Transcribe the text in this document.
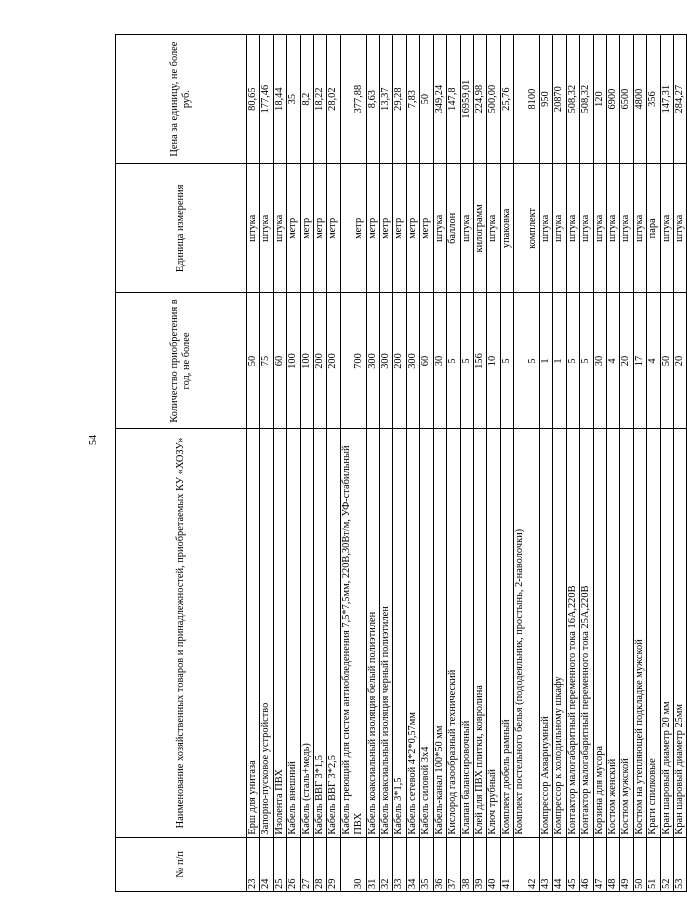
54
№ п/п	Наименование хозяйственных товаров и принадлежностей, приобретаемых КУ «ХОЗУ»	Количество приобретения в год, не более	Единица измерения	Цена за единицу, не более руб.
23	Ерш для унитаза	50	штука	80,65
24	Запорно-пусковое устройство	75	штука	177,46
25	Изолента ПВХ	60	штука	18,44
26	Кабель внешний	100	метр	35
27	Кабель (сталь+медь)	100	метр	8,2
28	Кабель ВВГ 3*1,5	200	метр	18,22
29	Кабель ВВГ 3*2,5	200	метр	28,02
30	Кабель греющий для систем антиобледенения 7,5*7,5мм, 220В,30Вт/м, УФ-стабильный ПВХ	700	метр	377,88
31	Кабель коаксиальный изоляция белый полиэтилен	300	метр	8,63
32	Кабель коаксиальный изоляция черный полиэтилен	300	метр	13,37
33	Кабель 3*1,5	200	метр	29,28
34	Кабель сетевой 4*2*0,57мм	300	метр	7,83
35	Кабель силовой 3х4	60	метр	50
36	Кабель-канал 100*50 мм	30	штука	349,24
37	Кислород газообразный технический	5	баллон	147,8
38	Клапан балансировочный	5	штука	16959,01
39	Клей для ПВХ плитки, ковролина	156	килограмм	224,98
40	Ключ трубный	10	штука	500,00
41	Комплект дюбель рамный	5	упаковка	25,76
42	Комплект постельного белья (пододеяльник, простынь, 2-наволочки)	5	комплект	8100
43	Компрессор Аквариумный	1	штука	950
44	Компрессор к холодильному шкафу	1	штука	20870
45	Контактор малогабаритный переменного тока 16А,220В	5	штука	508,32
46	Контактор малогабаритный переменного тока 25А,220В	5	штука	508,32
47	Корзина для мусора	30	штука	120
48	Костюм женский	4	штука	6900
49	Костюм мужской	20	штука	6500
50	Костюм на утепляющей подкладке мужской	17	штука	4800
51	Краги спилковые	4	пара	356
52	Кран шаровый диаметр 20 мм	50	штука	147,31
53	Кран шаровый диаметр 25мм	20	штука	284,27
